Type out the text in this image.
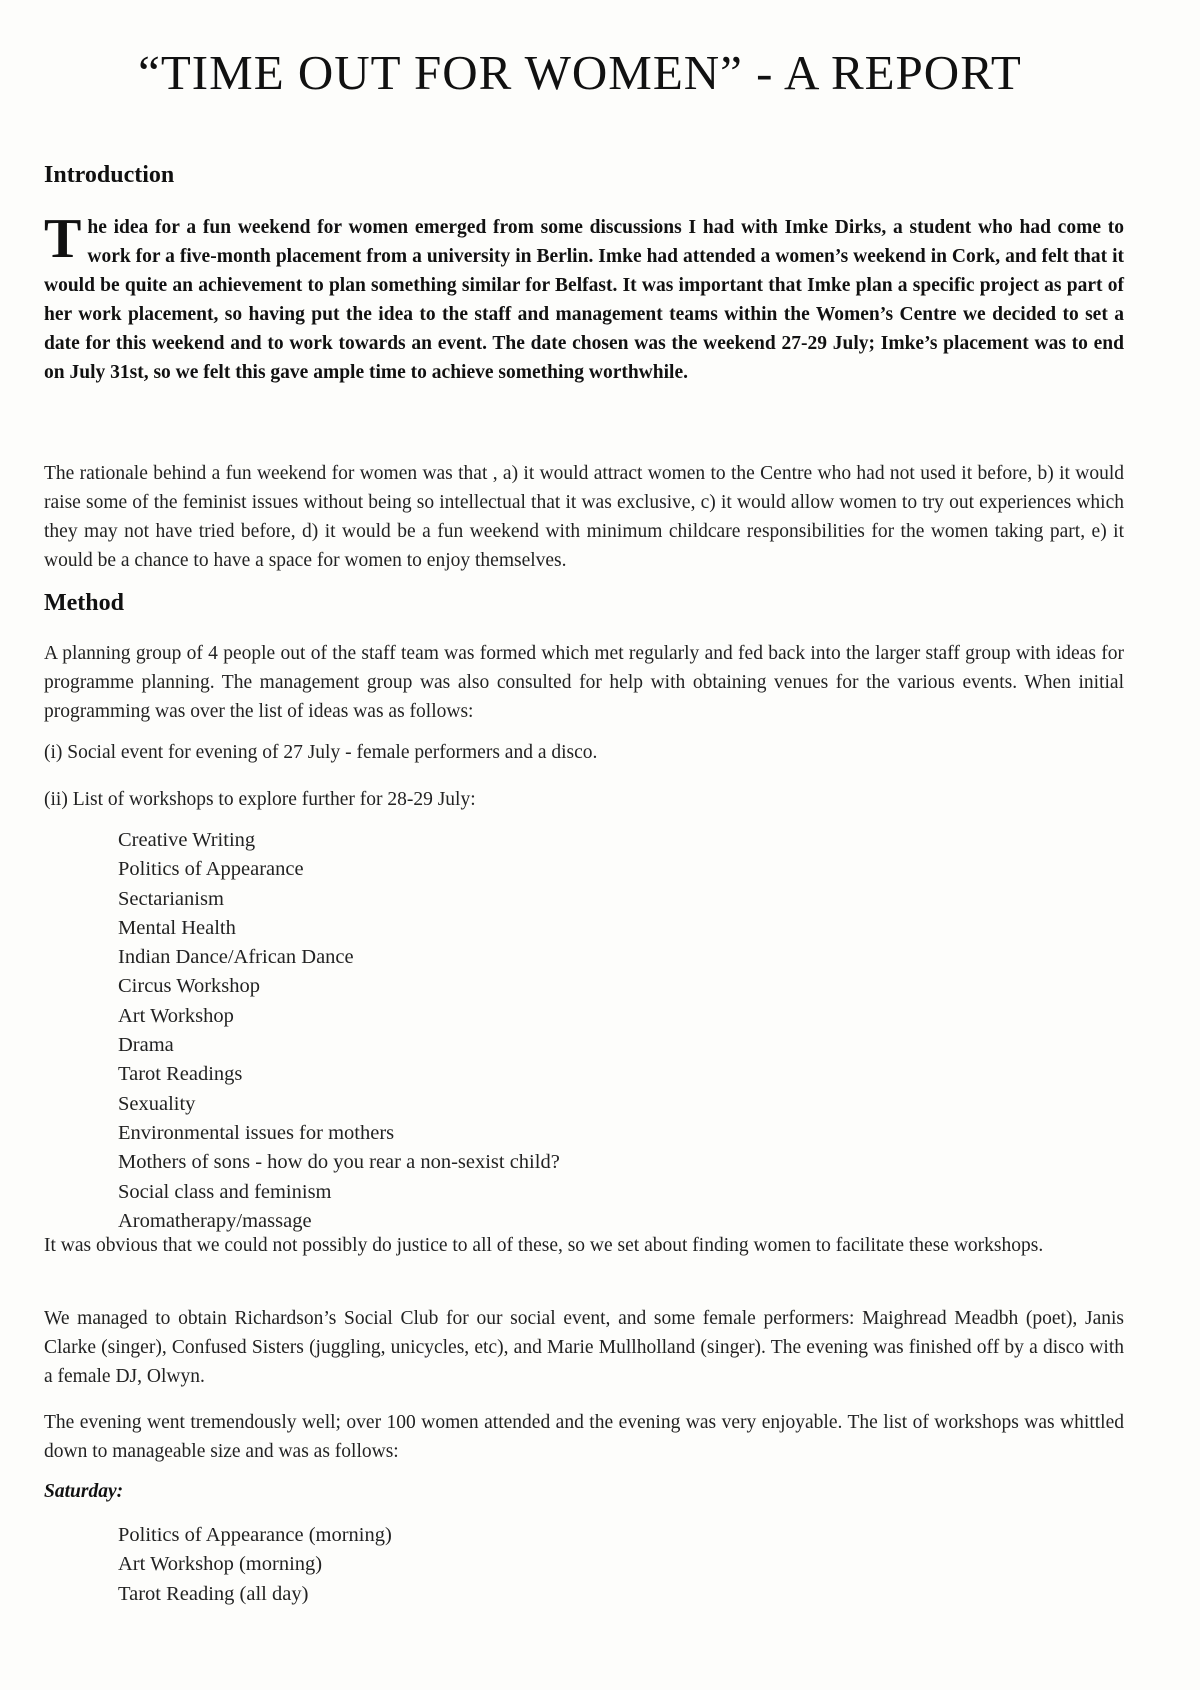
“TIME OUT FOR WOMEN” - A REPORT
Introduction
The idea for a fun weekend for women emerged from some discussions I had with Imke Dirks, a student who had come to work for a five-month placement from a university in Berlin. Imke had attended a women’s weekend in Cork, and felt that it would be quite an achievement to plan something similar for Belfast. It was important that Imke plan a specific project as part of her work placement, so having put the idea to the staff and management teams within the Women’s Centre we decided to set a date for this weekend and to work towards an event. The date chosen was the weekend 27-29 July; Imke’s placement was to end on July 31st, so we felt this gave ample time to achieve something worthwhile.
The rationale behind a fun weekend for women was that , a) it would attract women to the Centre who had not used it before, b) it would raise some of the feminist issues without being so intellectual that it was exclusive, c) it would allow women to try out experiences which they may not have tried before, d) it would be a fun weekend with minimum childcare responsibilities for the women taking part, e) it would be a chance to have a space for women to enjoy themselves.
Method
A planning group of 4 people out of the staff team was formed which met regularly and fed back into the larger staff group with ideas for programme planning. The management group was also consulted for help with obtaining venues for the various events. When initial programming was over the list of ideas was as follows:
(i) Social event for evening of 27 July - female performers and a disco.
(ii) List of workshops to explore further for 28-29 July:
Creative Writing
Politics of Appearance
Sectarianism
Mental Health
Indian Dance/African Dance
Circus Workshop
Art Workshop
Drama
Tarot Readings
Sexuality
Environmental issues for mothers
Mothers of sons - how do you rear a non-sexist child?
Social class and feminism
Aromatherapy/massage
It was obvious that we could not possibly do justice to all of these, so we set about finding women to facilitate these workshops.
We managed to obtain Richardson’s Social Club for our social event, and some female performers: Maighread Meadbh (poet), Janis Clarke (singer), Confused Sisters (juggling, unicycles, etc), and Marie Mullholland (singer). The evening was finished off by a disco with a female DJ, Olwyn.
The evening went tremendously well; over 100 women attended and the evening was very enjoyable. The list of workshops was whittled down to manageable size and was as follows:
Saturday:
Politics of Appearance (morning)
Art Workshop (morning)
Tarot Reading (all day)
